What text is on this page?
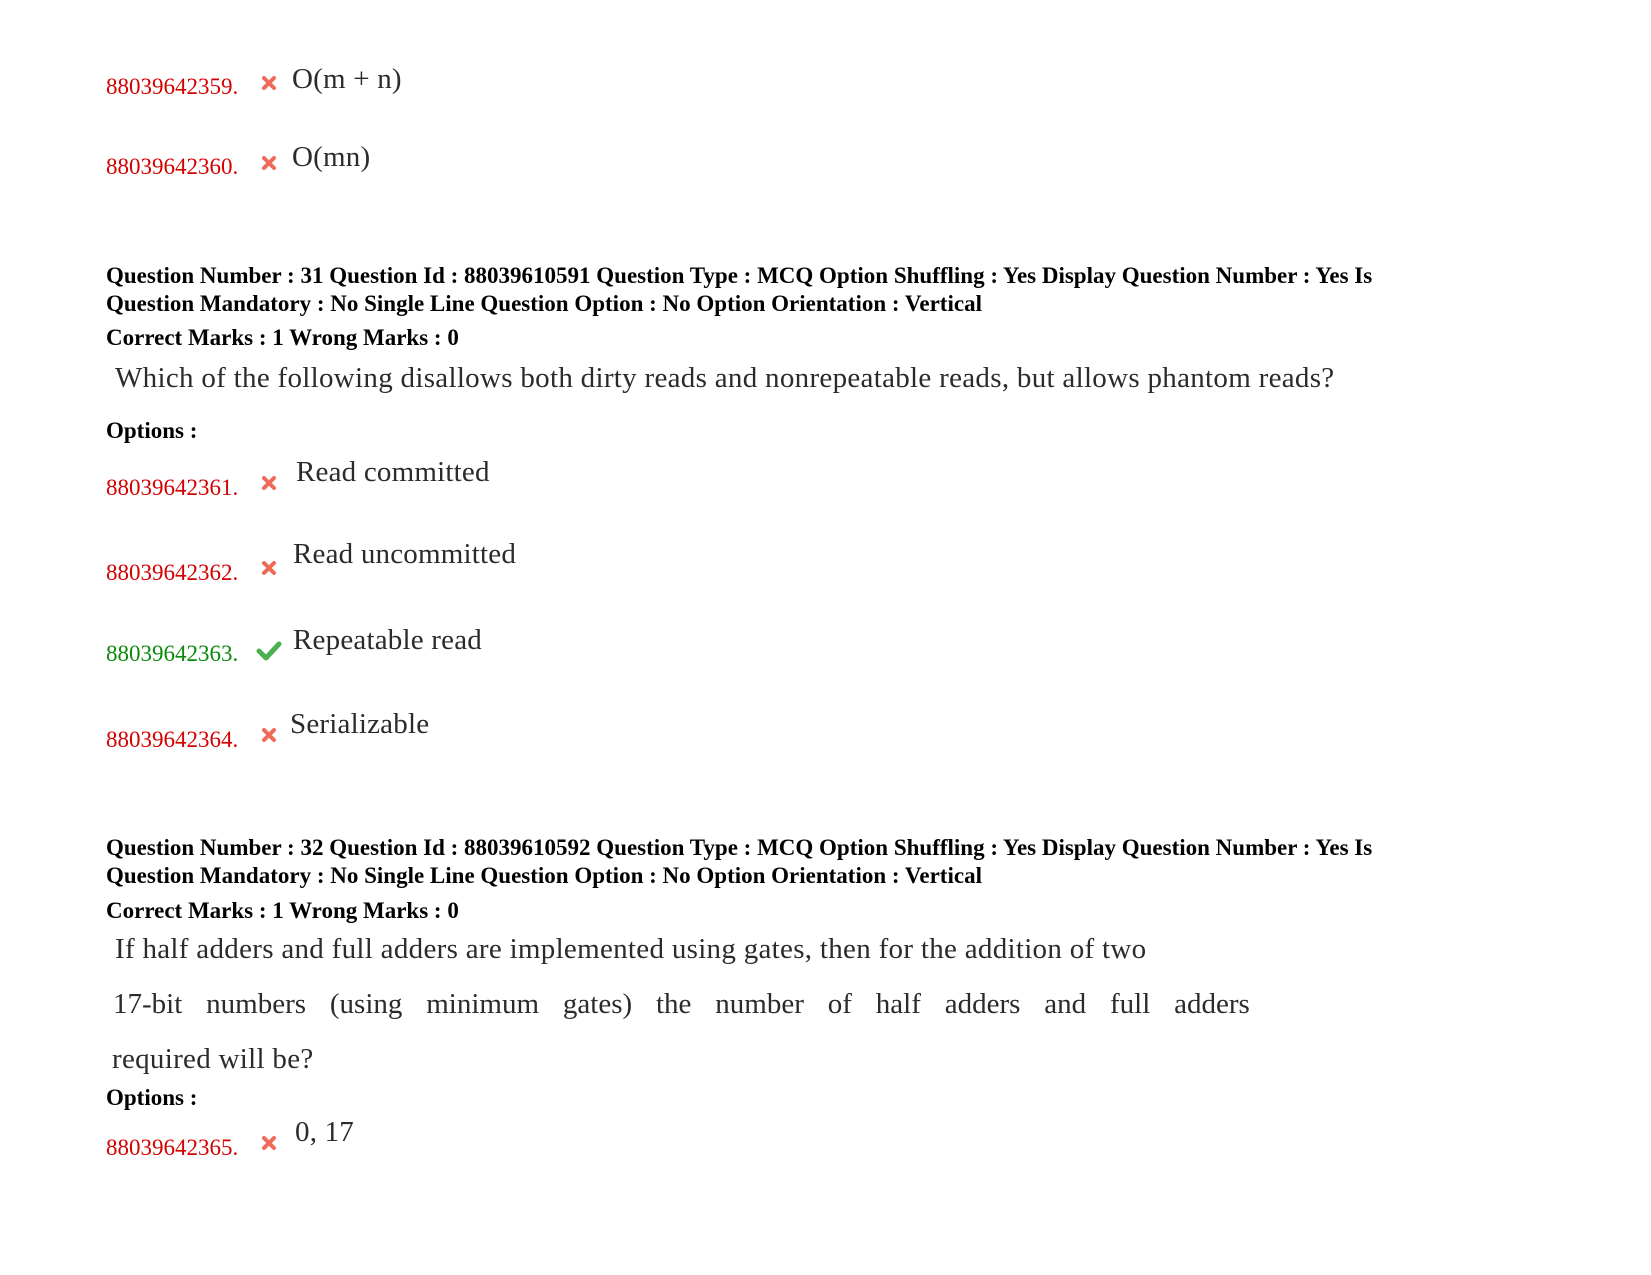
88039642359. O(m + n)
88039642360. O(mn)
Question Number : 31 Question Id : 88039610591 Question Type : MCQ Option Shuffling : Yes Display Question Number : Yes Is
Question Mandatory : No Single Line Question Option : No Option Orientation : Vertical
Correct Marks : 1 Wrong Marks : 0
Which of the following disallows both dirty reads and nonrepeatable reads, but allows phantom reads?
Options :
88039642361. Read committed
88039642362.
Read uncommitted
88039642363. Repeatable read
88039642364. Serializable
Question Number : 32 Question Id : 88039610592 Question Type : MCQ Option Shuffling : Yes Display Question Number : Yes Is
Question Mandatory : No Single Line Question Option : No Option Orientation : Vertical
Correct Marks : 1 Wrong Marks : 0
If half adders and full adders are implemented using gates, then for the addition of two
17-bit numbers (using minimum gates) the number of half adders and full adders
required will be?
Options :
88039642365. 0, 17
